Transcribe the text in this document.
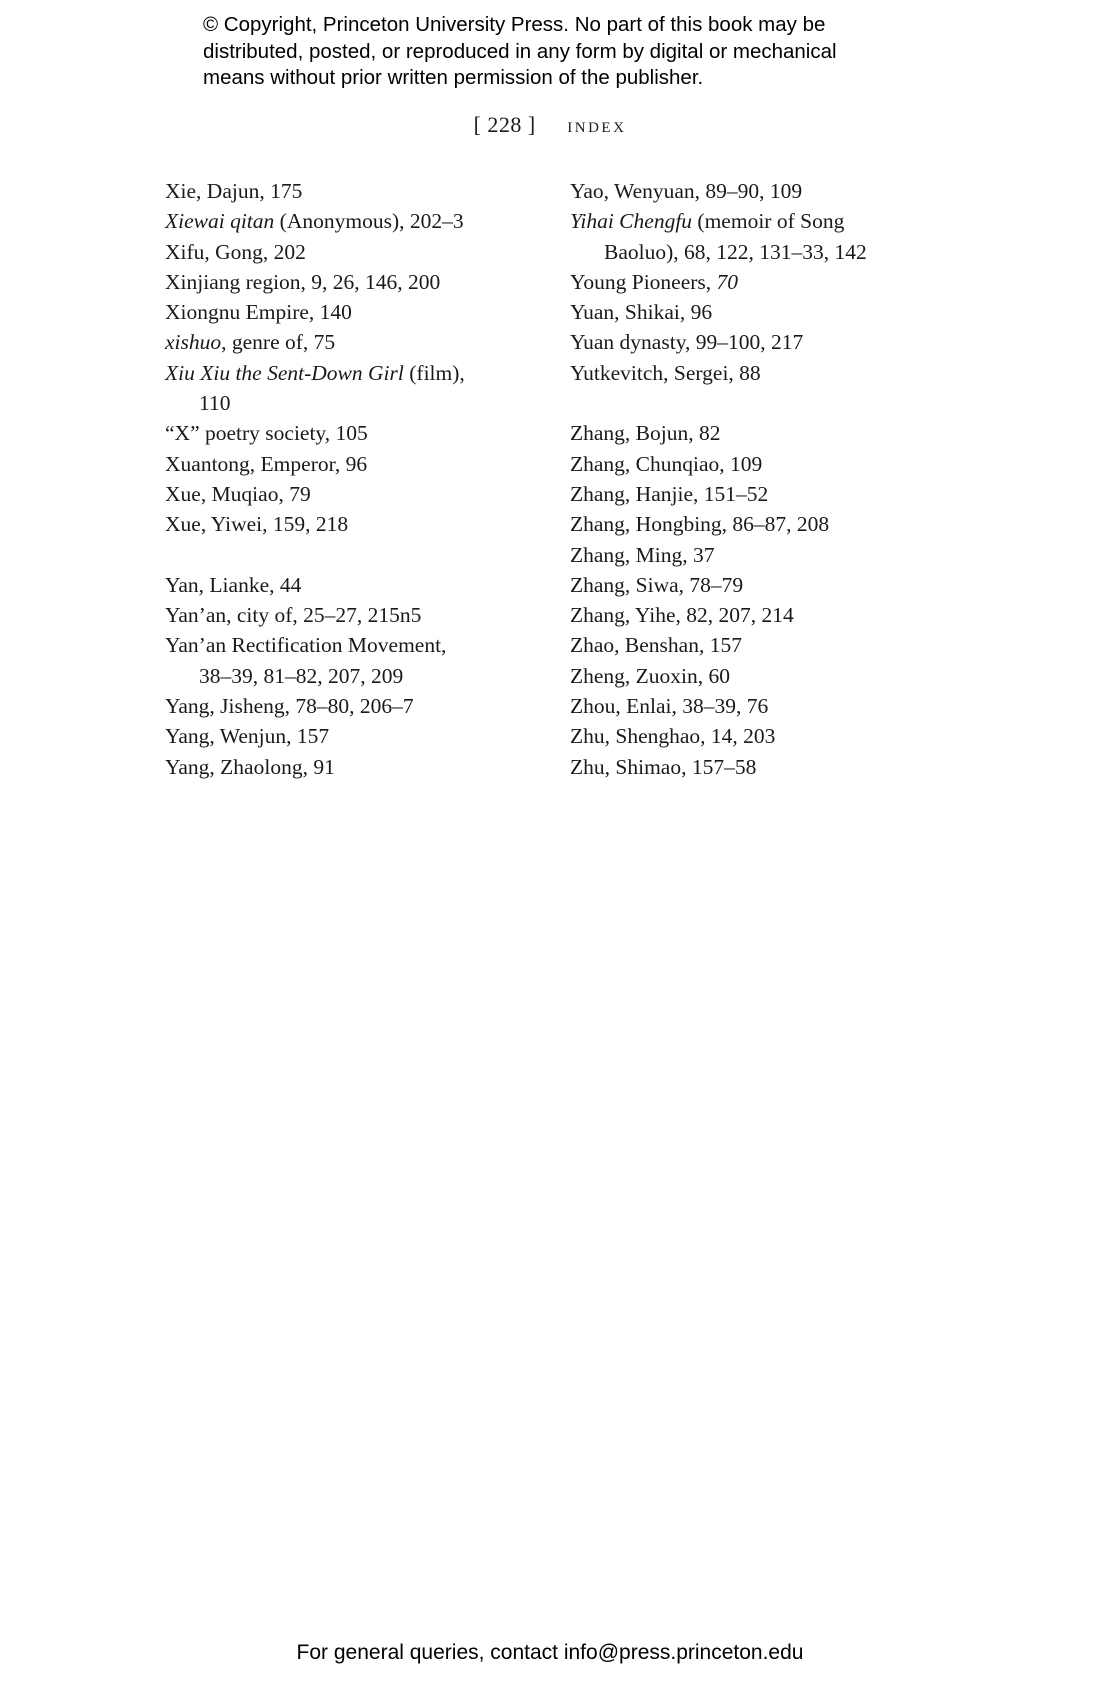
© Copyright, Princeton University Press. No part of this book may be
distributed, posted, or reproduced in any form by digital or mechanical
means without prior written permission of the publisher.
[ 228 ] index
Xie, Dajun, 175
Xiewai qitan (Anonymous), 202–3
Xifu, Gong, 202
Xinjiang region, 9, 26, 146, 200
Xiongnu Empire, 140
xishuo, genre of, 75
Xiu Xiu the Sent-Down Girl (film),
110
“X” poetry society, 105
Xuantong, Emperor, 96
Xue, Muqiao, 79
Xue, Yiwei, 159, 218
Yan, Lianke, 44
Yan’an, city of, 25–27, 215n5
Yan’an Rectification Movement,
38–39, 81–82, 207, 209
Yang, Jisheng, 78–80, 206–7
Yang, Wenjun, 157
Yang, Zhaolong, 91
Yao, Wenyuan, 89–90, 109
Yihai Chengfu (memoir of Song
Baoluo), 68, 122, 131–33, 142
Young Pioneers, 70
Yuan, Shikai, 96
Yuan dynasty, 99–100, 217
Yutkevitch, Sergei, 88
Zhang, Bojun, 82
Zhang, Chunqiao, 109
Zhang, Hanjie, 151–52
Zhang, Hongbing, 86–87, 208
Zhang, Ming, 37
Zhang, Siwa, 78–79
Zhang, Yihe, 82, 207, 214
Zhao, Benshan, 157
Zheng, Zuoxin, 60
Zhou, Enlai, 38–39, 76
Zhu, Shenghao, 14, 203
Zhu, Shimao, 157–58
For general queries, contact info@press.princeton.edu
